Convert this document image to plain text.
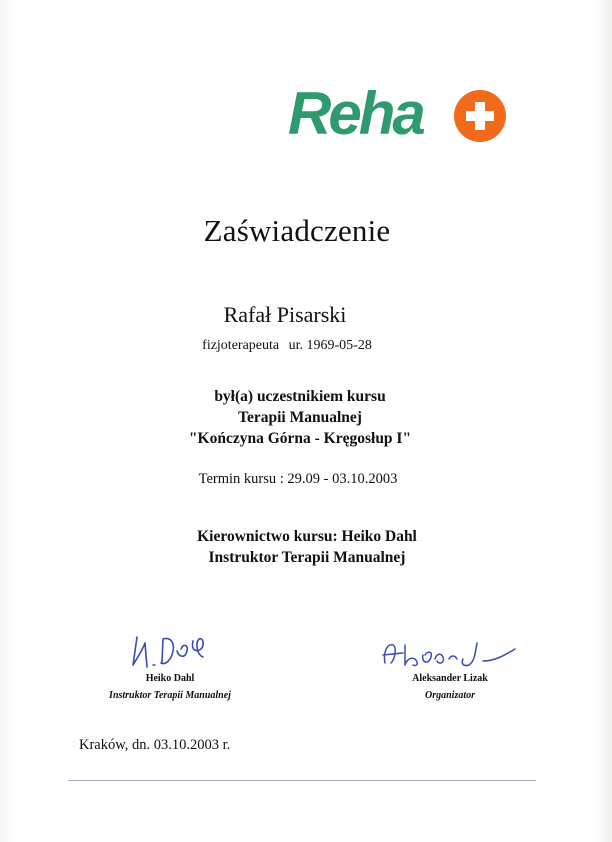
Reha
Zaświadczenie
Rafał Pisarski
fizjoterapeuta ur. 1969-05-28
był(a) uczestnikiem kursu
Terapii Manualnej
"Kończyna Górna - Kręgosłup I"
Termin kursu : 29.09 - 03.10.2003
Kierownictwo kursu: Heiko Dahl
Instruktor Terapii Manualnej
Heiko Dahl
Instruktor Terapii Manualnej
Aleksander Lizak
Organizator
Kraków, dn. 03.10.2003 r.
